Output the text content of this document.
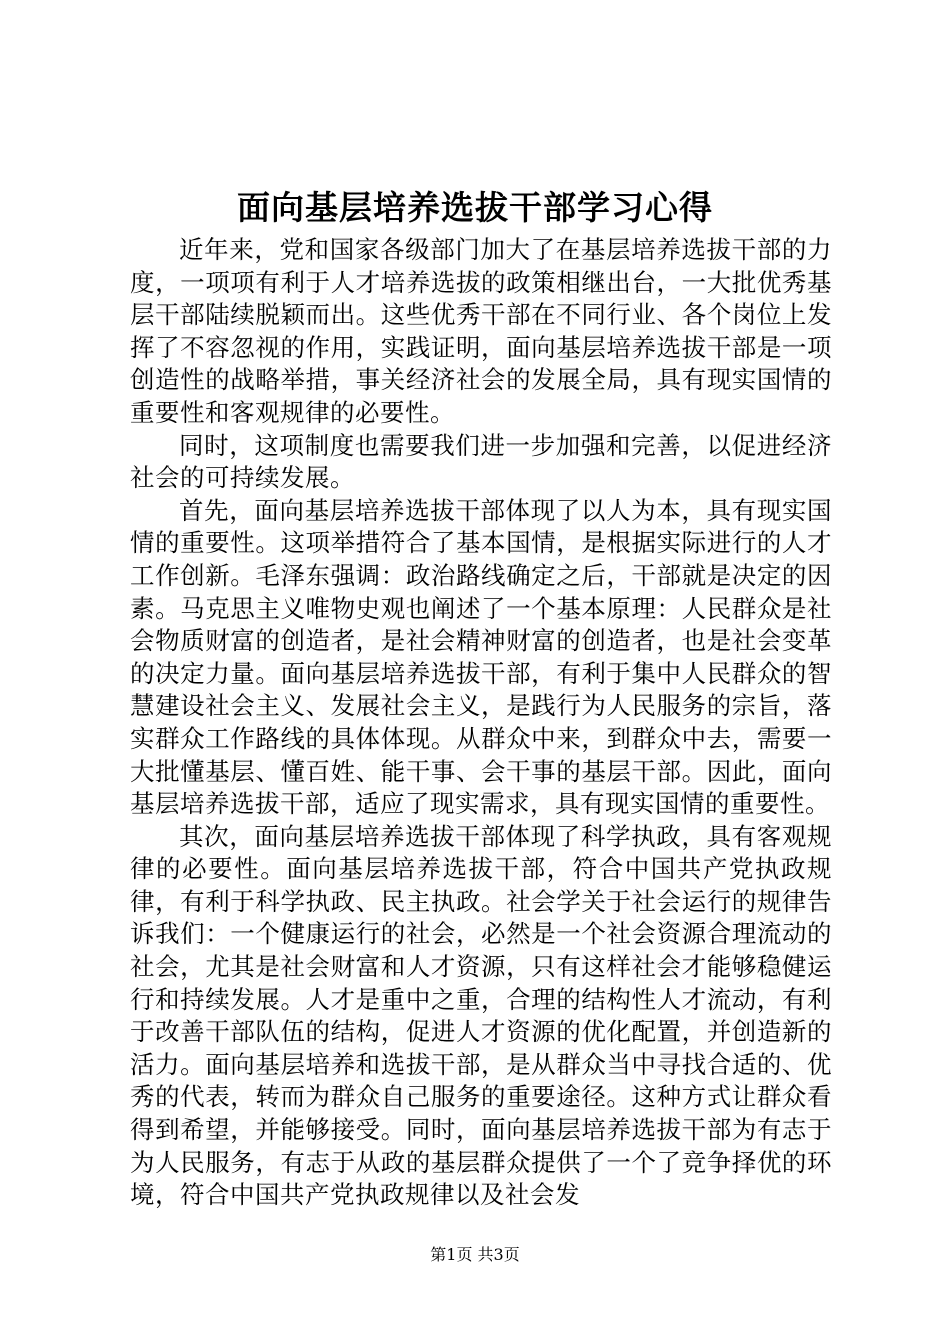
面向基层培养选拔干部学习心得

近年来，党和国家各级部门加大了在基层培养选拔干部的力度，一项项有利于人才培养选拔的政策相继出台，一大批优秀基层干部陆续脱颖而出。这些优秀干部在不同行业、各个岗位上发挥了不容忽视的作用，实践证明，面向基层培养选拔干部是一项创造性的战略举措，事关经济社会的发展全局，具有现实国情的重要性和客观规律的必要性。

同时，这项制度也需要我们进一步加强和完善，以促进经济社会的可持续发展。

首先，面向基层培养选拔干部体现了以人为本，具有现实国情的重要性。这项举措符合了基本国情，是根据实际进行的人才工作创新。毛泽东强调：政治路线确定之后，干部就是决定的因素。马克思主义唯物史观也阐述了一个基本原理：人民群众是社会物质财富的创造者，是社会精神财富的创造者，也是社会变革的决定力量。面向基层培养选拔干部，有利于集中人民群众的智慧建设社会主义、发展社会主义，是践行为人民服务的宗旨，落实群众工作路线的具体体现。从群众中来，到群众中去，需要一大批懂基层、懂百姓、能干事、会干事的基层干部。因此，面向基层培养选拔干部，适应了现实需求，具有现实国情的重要性。

其次，面向基层培养选拔干部体现了科学执政，具有客观规律的必要性。面向基层培养选拔干部，符合中国共产党执政规律，有利于科学执政、民主执政。社会学关于社会运行的规律告诉我们：一个健康运行的社会，必然是一个社会资源合理流动的社会，尤其是社会财富和人才资源，只有这样社会才能够稳健运行和持续发展。人才是重中之重，合理的结构性人才流动，有利于改善干部队伍的结构，促进人才资源的优化配置，并创造新的活力。面向基层培养和选拔干部，是从群众当中寻找合适的、优秀的代表，转而为群众自己服务的重要途径。这种方式让群众看得到希望，并能够接受。同时，面向基层培养选拔干部为有志于为人民服务，有志于从政的基层群众提供了一个了竞争择优的环境，符合中国共产党执政规律以及社会发

第1页 共3页
